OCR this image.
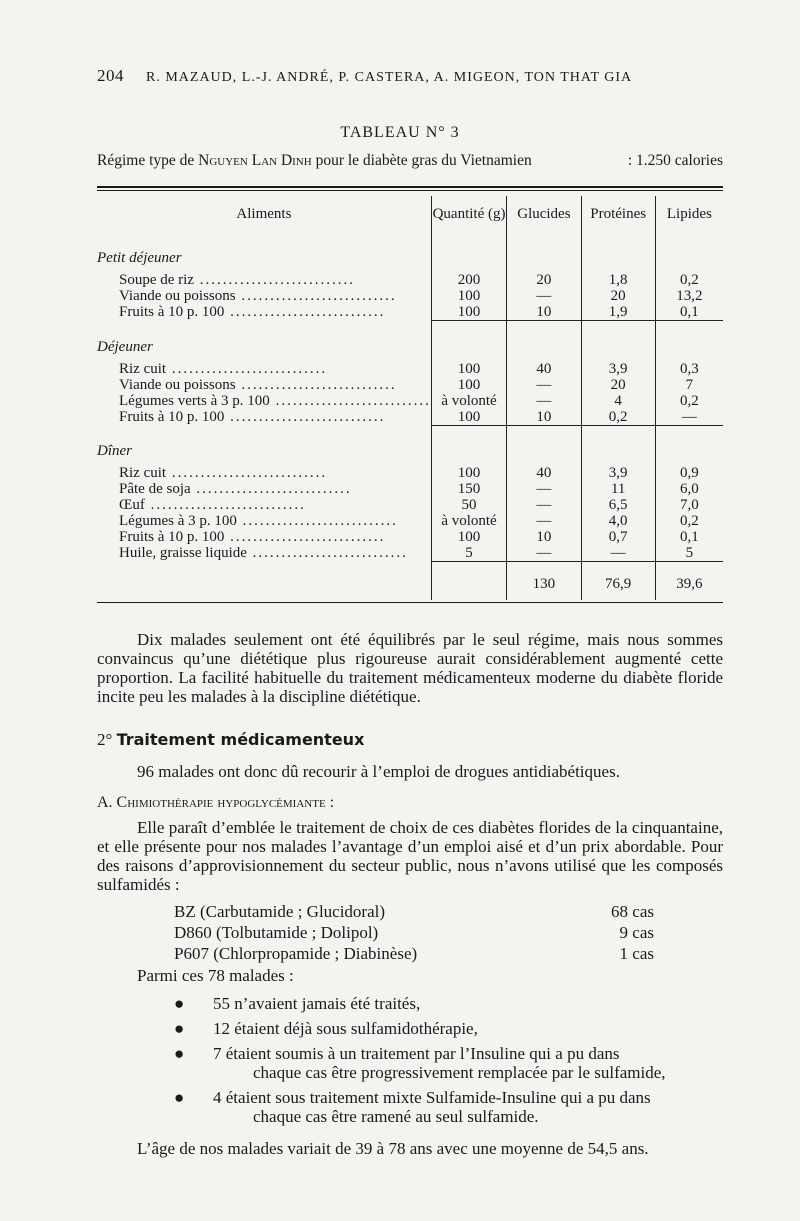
204 R. MAZAUD, L.-J. ANDRÉ, P. CASTERA, A. MIGEON, TON THAT GIA
TABLEAU N° 3
Régime type de Nguyen Lan Dinh pour le diabète gras du Vietnamien	: 1.250 calories
Aliments	Quantité (g)	Glucides	Protéines	Lipides
Petit déjeuner				
Soupe de riz ...........................	200	20	1,8	0,2
Viande ou poissons ...........................	100	—	20	13,2
Fruits à 10 p. 100 ...........................	100	10	1,9	0,1
Déjeuner				
Riz cuit ...........................	100	40	3,9	0,3
Viande ou poissons ...........................	100	—	20	7
Légumes verts à 3 p. 100 ...........................	à volonté	—	4	0,2
Fruits à 10 p. 100 ...........................	100	10	0,2	—
Dîner				
Riz cuit ...........................	100	40	3,9	0,9
Pâte de soja ...........................	150	—	11	6,0
Œuf ...........................	50	—	6,5	7,0
Légumes à 3 p. 100 ...........................	à volonté	—	4,0	0,2
Fruits à 10 p. 100 ...........................	100	10	0,7	0,1
Huile, graisse liquide ...........................	5	—	—	5

		130	76,9	39,6
Dix malades seulement ont été équilibrés par le seul régime, mais nous sommes convaincus qu’une diététique plus rigoureuse aurait considérablement augmenté cette proportion. La facilité habituelle du traitement médicamenteux moderne du diabète floride incite peu les malades à la discipline diététique.
2° Traitement médicamenteux
96 malades ont donc dû recourir à l’emploi de drogues antidiabétiques.
A. Chimiothérapie hypoglycémiante :
Elle paraît d’emblée le traitement de choix de ces diabètes florides de la cinquantaine, et elle présente pour nos malades l’avantage d’un emploi aisé et d’un prix abordable. Pour des raisons d’approvisionnement du secteur public, nous n’avons utilisé que les composés sulfamidés :
BZ (Carbutamide ; Glucidoral)	68 cas
D860 (Tolbutamide ; Dolipol)	9 cas
P607 (Chlorpropamide ; Diabinèse)	1 cas
Parmi ces 78 malades :
● 55 n’avaient jamais été traités,
● 12 étaient déjà sous sulfamidothérapie,
● 7 étaient soumis à un traitement par l’Insuline qui a pu dans
chaque cas être progressivement remplacée par le sulfamide,
● 4 étaient sous traitement mixte Sulfamide-Insuline qui a pu dans
chaque cas être ramené au seul sulfamide.
L’âge de nos malades variait de 39 à 78 ans avec une moyenne de 54,5 ans.
